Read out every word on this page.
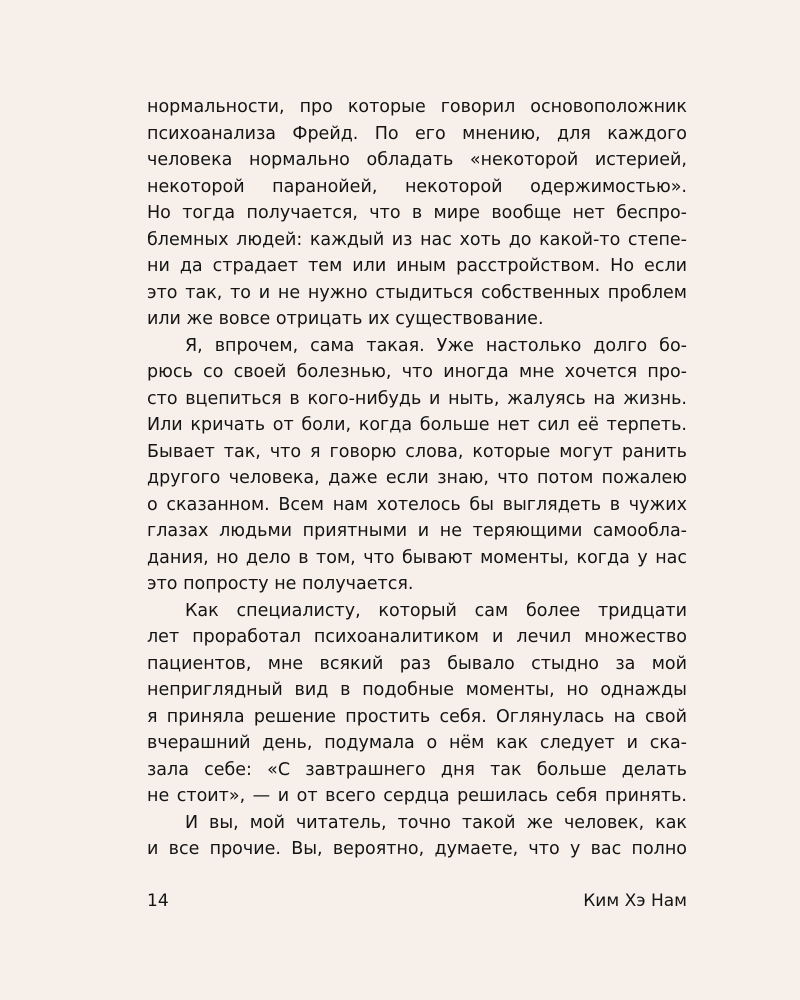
нормальности, про которые говорил основоположник
психоанализа Фрейд. По его мнению, для каждого
человека нормально обладать «некоторой истерией,
некоторой паранойей, некоторой одержимостью».
Но тогда получается, что в мире вообще нет беспро-
блемных людей: каждый из нас хоть до какой-то степе-
ни да страдает тем или иным расстройством. Но если
это так, то и не нужно стыдиться собственных проблем
или же вовсе отрицать их существование.
Я, впрочем, сама такая. Уже настолько долго бо-
рюсь со своей болезнью, что иногда мне хочется про-
сто вцепиться в кого-нибудь и ныть, жалуясь на жизнь.
Или кричать от боли, когда больше нет сил её терпеть.
Бывает так, что я говорю слова, которые могут ранить
другого человека, даже если знаю, что потом пожалею
о сказанном. Всем нам хотелось бы выглядеть в чужих
глазах людьми приятными и не теряющими самообла-
дания, но дело в том, что бывают моменты, когда у нас
это попросту не получается.
Как специалисту, который сам более тридцати
лет проработал психоаналитиком и лечил множество
пациентов, мне всякий раз бывало стыдно за мой
неприглядный вид в подобные моменты, но однажды
я приняла решение простить себя. Оглянулась на свой
вчерашний день, подумала о нём как следует и ска-
зала себе: «С завтрашнего дня так больше делать
не стоит», — и от всего сердца решилась себя принять.
И вы, мой читатель, точно такой же человек, как
и все прочие. Вы, вероятно, думаете, что у вас полно
14	Ким Хэ Нам
